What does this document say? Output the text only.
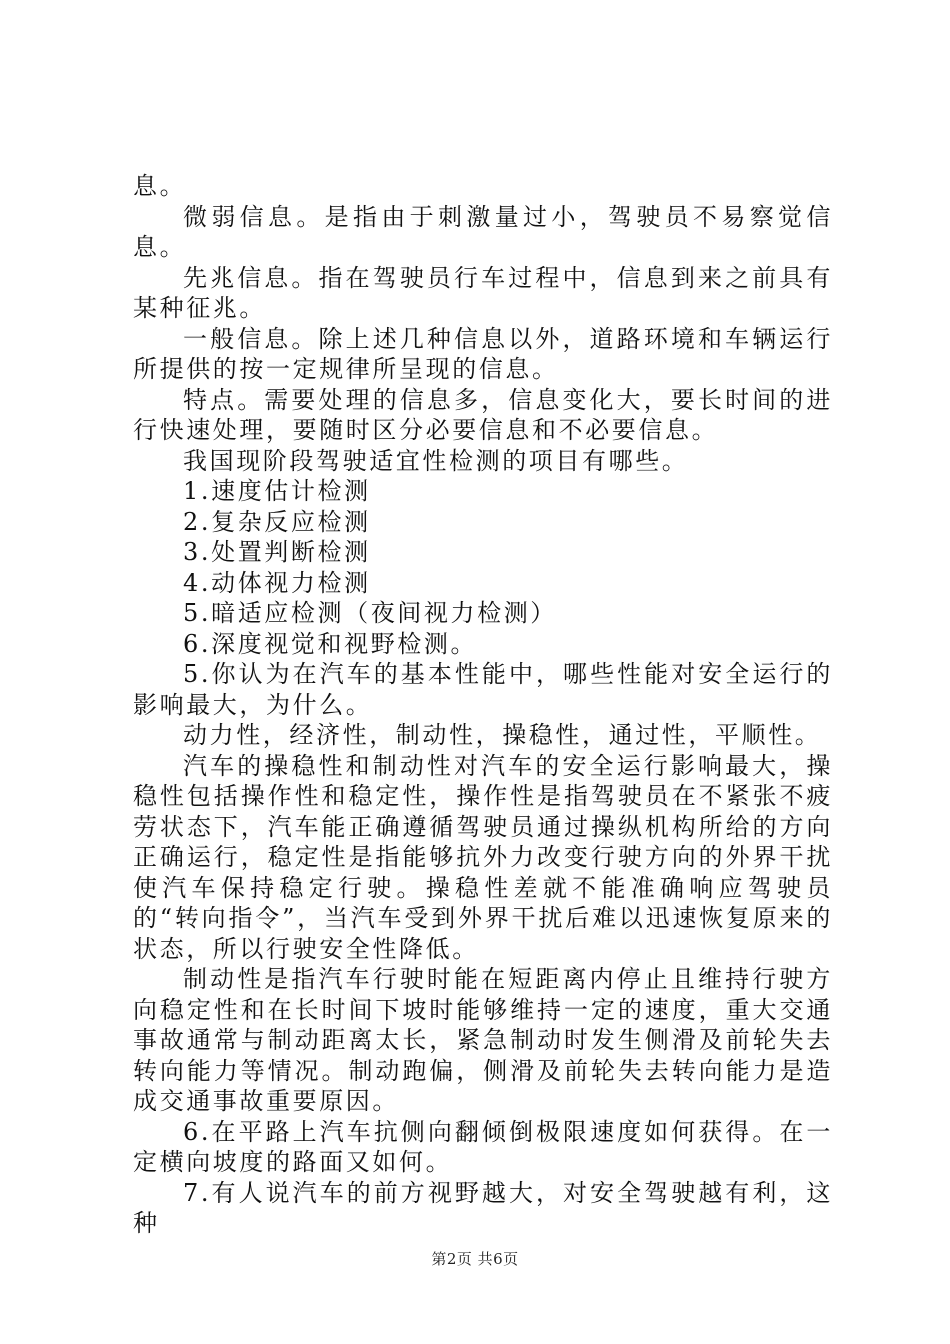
息。

微弱信息。是指由于刺激量过小，驾驶员不易察觉信息。

先兆信息。指在驾驶员行车过程中，信息到来之前具有某种征兆。

一般信息。除上述几种信息以外，道路环境和车辆运行所提供的按一定规律所呈现的信息。

特点。需要处理的信息多，信息变化大，要长时间的进行快速处理，要随时区分必要信息和不必要信息。

我国现阶段驾驶适宜性检测的项目有哪些。

1.速度估计检测

2.复杂反应检测

3.处置判断检测

4.动体视力检测

5.暗适应检测（夜间视力检测）

6.深度视觉和视野检测。

5.你认为在汽车的基本性能中，哪些性能对安全运行的影响最大，为什么。

动力性，经济性，制动性，操稳性，通过性，平顺性。

汽车的操稳性和制动性对汽车的安全运行影响最大，操稳性包括操作性和稳定性，操作性是指驾驶员在不紧张不疲劳状态下，汽车能正确遵循驾驶员通过操纵机构所给的方向正确运行，稳定性是指能够抗外力改变行驶方向的外界干扰使汽车保持稳定行驶。操稳性差就不能准确响应驾驶员的“转向指令”，当汽车受到外界干扰后难以迅速恢复原来的状态，所以行驶安全性降低。

制动性是指汽车行驶时能在短距离内停止且维持行驶方向稳定性和在长时间下坡时能够维持一定的速度，重大交通事故通常与制动距离太长，紧急制动时发生侧滑及前轮失去转向能力等情况。制动跑偏，侧滑及前轮失去转向能力是造成交通事故重要原因。

6.在平路上汽车抗侧向翻倾倒极限速度如何获得。在一定横向坡度的路面又如何。

7.有人说汽车的前方视野越大，对安全驾驶越有利，这种

第2页 共6页
